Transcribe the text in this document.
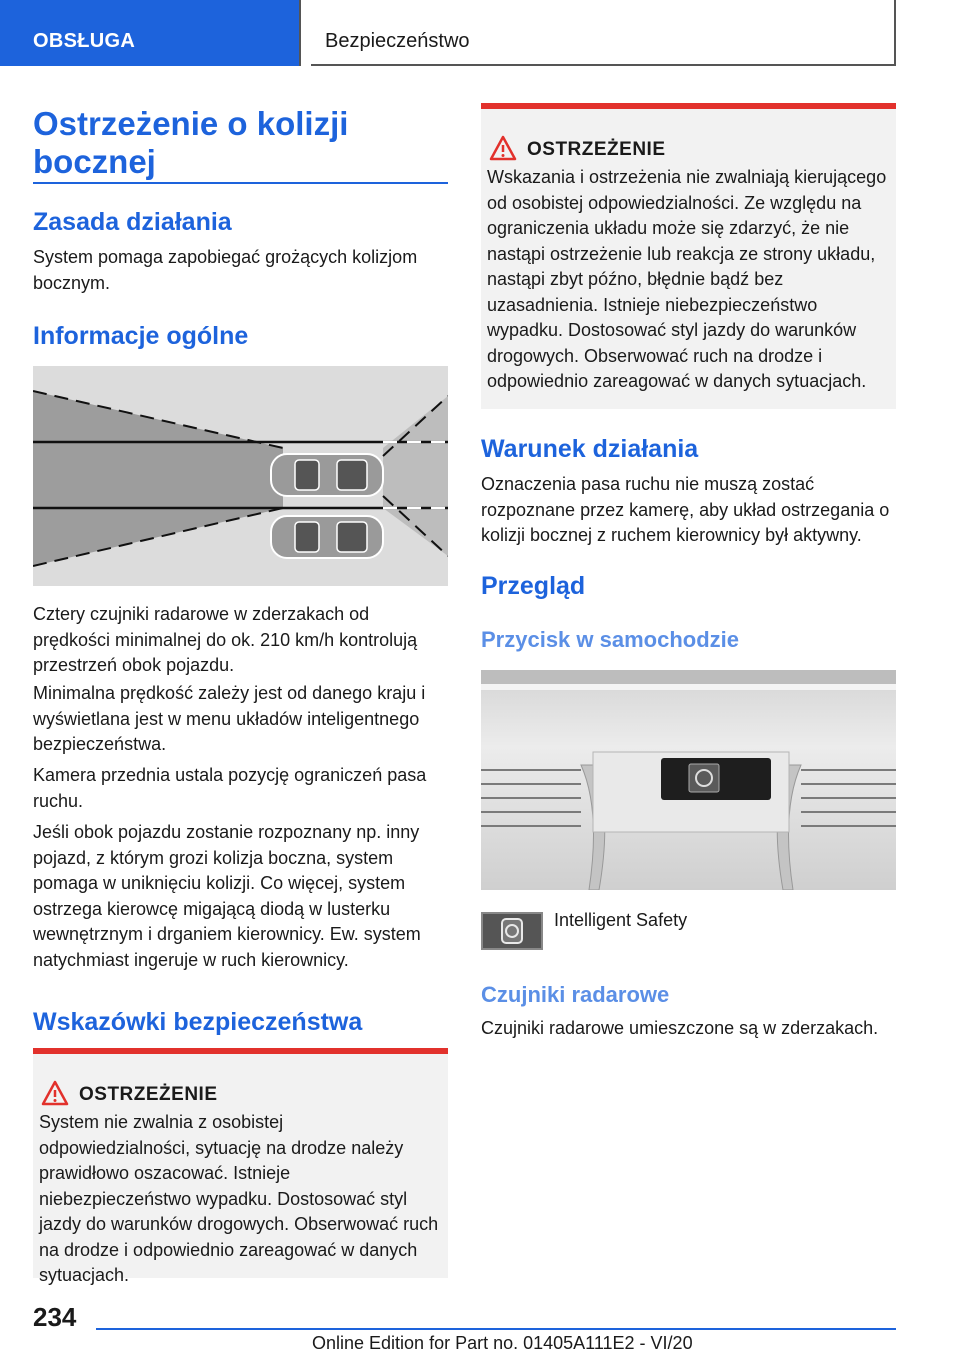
OBSŁUGA	Bezpieczeństwo
Ostrzeżenie o kolizji bocznej
Zasada działania

System pomaga zapobiegać grożących kolizjom bocznym.

Informacje ogólne

Cztery czujniki radarowe w zderzakach od prędkości minimalnej do ok. 210 km/h kontrolują przestrzeń obok pojazdu.

Minimalna prędkość zależy jest od danego kraju i wyświetlana jest w menu układów inteligentnego bezpieczeństwa.

Kamera przednia ustala pozycję ograniczeń pasa ruchu.

Jeśli obok pojazdu zostanie rozpoznany np. inny pojazd, z którym grozi kolizja boczna, system pomaga w uniknięciu kolizji. Co więcej, system ostrzega kierowcę migającą diodą w lusterku wewnętrznym i drganiem kierownicy. Ew. system natychmiast ingeruje w ruch kierownicy.

Wskazówki bezpieczeństwa
OSTRZEŻENIE
System nie zwalnia z osobistej odpowiedzialności, sytuację na drodze należy prawidłowo oszacować. Istnieje niebezpieczeństwo wypadku. Dostosować styl jazdy do warunków drogowych. Obserwować ruch na drodze i odpowiednio zareagować w danych sytuacjach.
OSTRZEŻENIE
Wskazania i ostrzeżenia nie zwalniają kierującego od osobistej odpowiedzialności. Ze względu na ograniczenia układu może się zdarzyć, że nie nastąpi ostrzeżenie lub reakcja ze strony układu, nastąpi zbyt późno, błędnie bądź bez uzasadnienia. Istnieje niebezpieczeństwo wypadku. Dostosować styl jazdy do warunków drogowych. Obserwować ruch na drodze i odpowiednio zareagować w danych sytuacjach.
Warunek działania

Oznaczenia pasa ruchu nie muszą zostać rozpoznane przez kamerę, aby układ ostrzegania o kolizji bocznej z ruchem kierownicy był aktywny.

Przegląd
Przycisk w samochodzie
Intelligent Safety
Czujniki radarowe

Czujniki radarowe umieszczone są w zderzakach.

234
Online Edition for Part no. 01405A111E2 - VI/20
